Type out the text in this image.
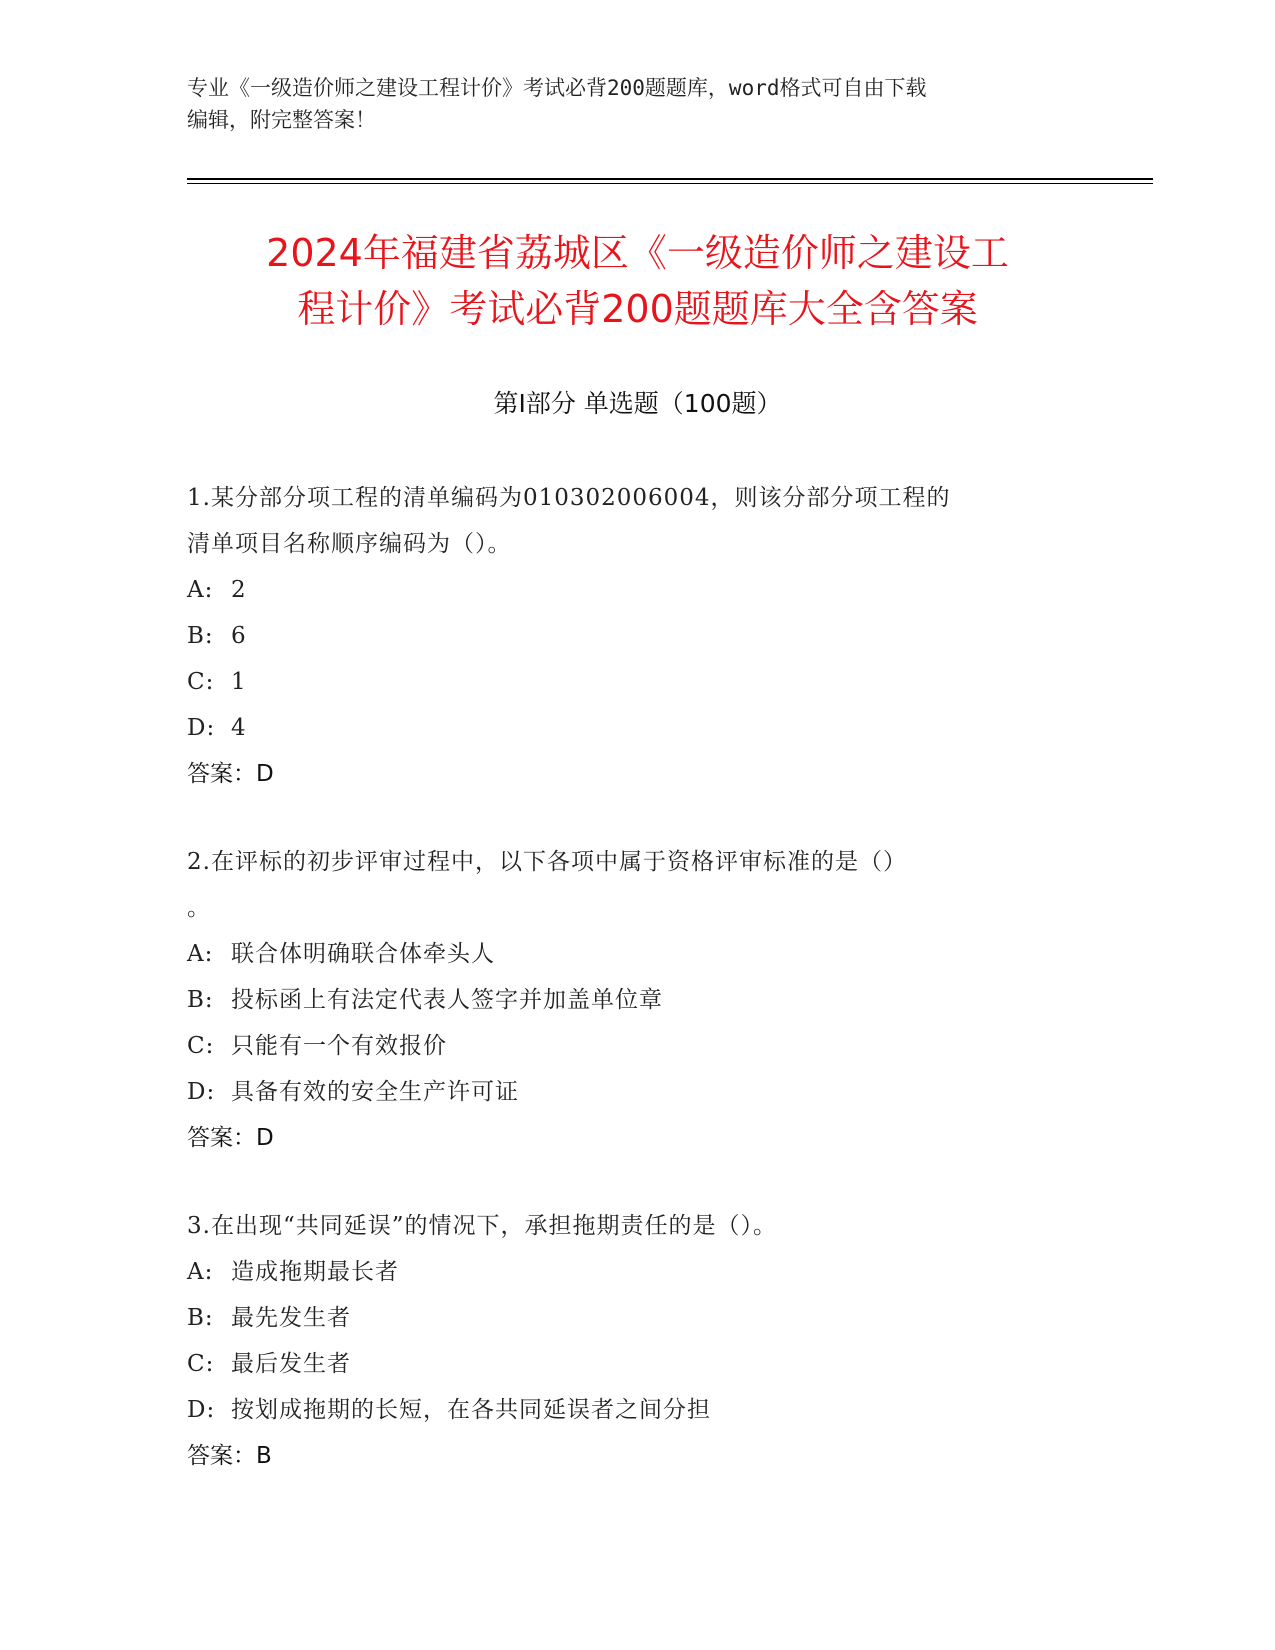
专业《一级造价师之建设工程计价》考试必背200题题库，word格式可自由下载
编辑，附完整答案！
2024年福建省荔城区《一级造价师之建设工
程计价》考试必背200题题库大全含答案
第Ⅰ部分 单选题（100题）
1.某分部分项工程的清单编码为010302006004，则该分部分项工程的
清单项目名称顺序编码为（）。
A: 2
B: 6
C: 1
D: 4
答案：D
2.在评标的初步评审过程中，以下各项中属于资格评审标准的是（）
。
A: 联合体明确联合体牵头人
B: 投标函上有法定代表人签字并加盖单位章
C: 只能有一个有效报价
D: 具备有效的安全生产许可证
答案：D
3.在出现“共同延误”的情况下，承担拖期责任的是（）。
A: 造成拖期最长者
B: 最先发生者
C: 最后发生者
D: 按划成拖期的长短，在各共同延误者之间分担
答案：B
